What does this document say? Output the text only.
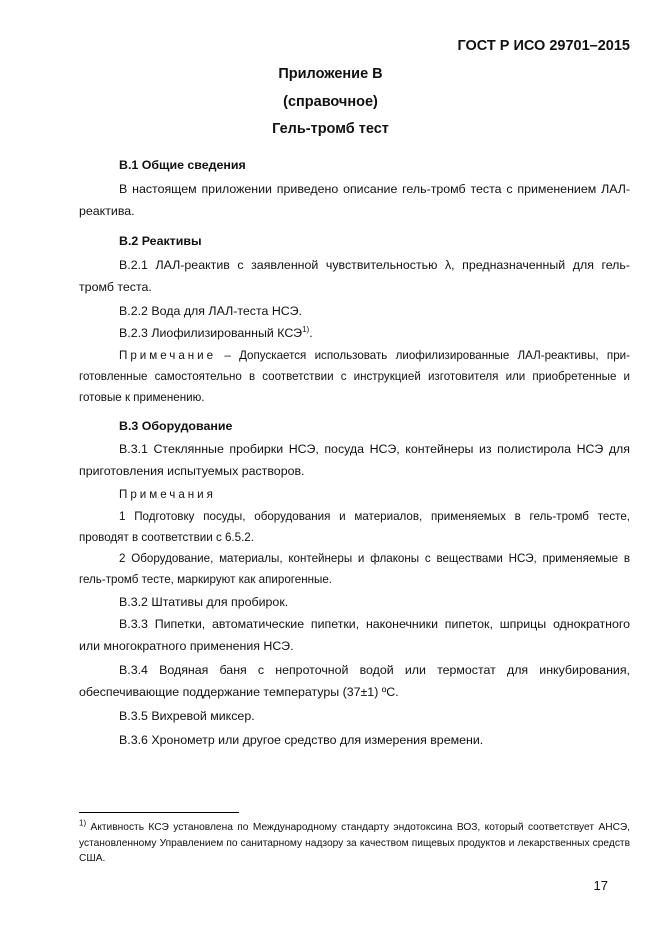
ГОСТ Р ИСО 29701–2015
Приложение В
(справочное)
Гель-тромб тест
В.1 Общие сведения
В настоящем приложении приведено описание гель-тромб теста с применением ЛАЛ-реактива.
В.2 Реактивы
В.2.1 ЛАЛ-реактив с заявленной чувствительностью λ, предназначенный для гель-тромб теста.
В.2.2 Вода для ЛАЛ-теста НСЭ.
В.2.3 Лиофилизированный КСЭ$^{1)}$.
Примечание – Допускается использовать лиофилизированные ЛАЛ-реактивы, приготовленные самостоятельно в соответствии с инструкцией изготовителя или приобретенные и готовые к применению.
В.3 Оборудование
В.3.1 Стеклянные пробирки НСЭ, посуда НСЭ, контейнеры из полистирола НСЭ для приготовления испытуемых растворов.
Примечания
1 Подготовку посуды, оборудования и материалов, применяемых в гель-тромб тесте, проводят в соответствии с 6.5.2.
2 Оборудование, материалы, контейнеры и флаконы с веществами НСЭ, применяемые в гель-тромб тесте, маркируют как апирогенные.
В.3.2 Штативы для пробирок.
В.3.3 Пипетки, автоматические пипетки, наконечники пипеток, шприцы однократного или многократного применения НСЭ.
В.3.4 Водяная баня с непроточной водой или термостат для инкубирования, обеспечивающие поддержание температуры (37±1) ºС.
В.3.5 Вихревой миксер.
В.3.6 Хронометр или другое средство для измерения времени.
$^{1)}$ Активность КСЭ установлена по Международному стандарту эндотоксина ВОЗ, который соответствует АНСЭ, установленному Управлением по санитарному надзору за качеством пищевых продуктов и лекарственных средств США.
17
